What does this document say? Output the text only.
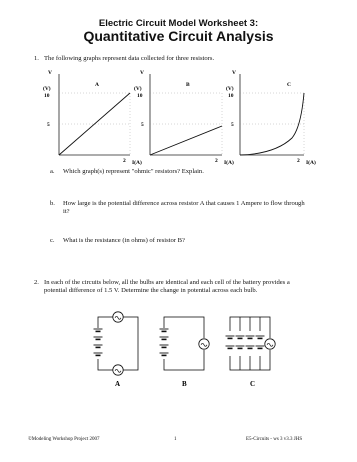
Electric Circuit Model Worksheet 3:
Quantitative Circuit Analysis
1. The following graphs represent data collected for three resistors.
V
(V)
A
10
5
2 I(A)
V
(V)
B
10
5
2 I(A)
V
(V)
C
10
5
2 I(A)
a. Which graph(s) represent "ohmic" resistors? Explain.
b. How large is the potential difference across resistor A that causes 1 Ampere to flow through
it?
c. What is the resistance (in ohms) of resistor B?
2. In each of the circuits below, all the bulbs are identical and each cell of the battery provides a
potential difference of 1.5 V. Determine the change in potential across each bulb.
A	B	C
©Modeling Workshop Project 2007	1	E5-Circuits - ws 3 v3.3 JHS
